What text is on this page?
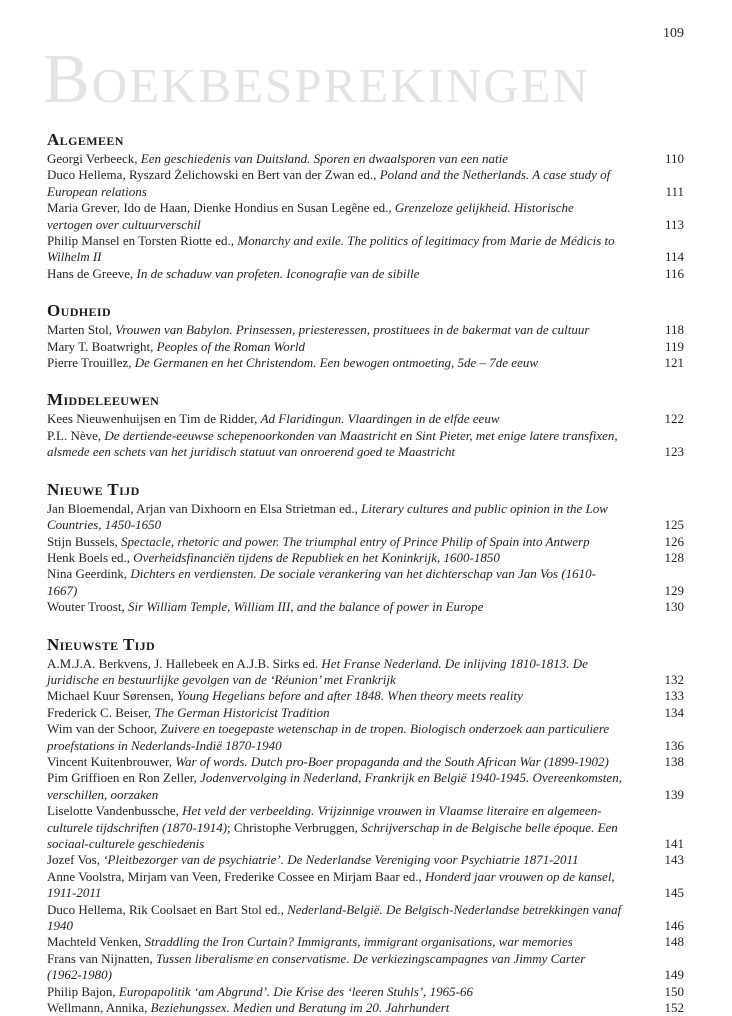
109
Boekbesprekingen
Algemeen
Georgi Verbeeck, Een geschiedenis van Duitsland. Sporen en dwaalsporen van een natie	110
Duco Hellema, Ryszard Żelichowski en Bert van der Zwan ed., Poland and the Netherlands. A case study of European relations	111
Maria Grever, Ido de Haan, Dienke Hondius en Susan Legêne ed., Grenzeloze gelijkheid. Historische vertogen over cultuurverschil	113
Philip Mansel en Torsten Riotte ed., Monarchy and exile. The politics of legitimacy from Marie de Médicis to Wilhelm II	114
Hans de Greeve, In de schaduw van profeten. Iconografie van de sibille	116
Oudheid
Marten Stol, Vrouwen van Babylon. Prinsessen, priesteressen, prostituees in de bakermat van de cultuur	118
Mary T. Boatwright, Peoples of the Roman World	119
Pierre Trouillez, De Germanen en het Christendom. Een bewogen ontmoeting, 5de – 7de eeuw	121
Middeleeuwen
Kees Nieuwenhuijsen en Tim de Ridder, Ad Flaridingun. Vlaardingen in de elfde eeuw	122
P.L. Nève, De dertiende-eeuwse schepenoorkonden van Maastricht en Sint Pieter, met enige latere transfixen, alsmede een schets van het juridisch statuut van onroerend goed te Maastricht	123
Nieuwe Tijd
Jan Bloemendal, Arjan van Dixhoorn en Elsa Strietman ed., Literary cultures and public opinion in the Low Countries, 1450-1650	125
Stijn Bussels, Spectacle, rhetoric and power. The triumphal entry of Prince Philip of Spain into Antwerp	126
Henk Boels ed., Overheidsfinanciën tijdens de Republiek en het Koninkrijk, 1600-1850	128
Nina Geerdink, Dichters en verdiensten. De sociale verankering van het dichterschap van Jan Vos (1610-1667)	129
Wouter Troost, Sir William Temple, William III, and the balance of power in Europe	130
Nieuwste Tijd
A.M.J.A. Berkvens, J. Hallebeek en A.J.B. Sirks ed. Het Franse Nederland. De inlijving 1810-1813. De juridische en bestuurlijke gevolgen van de ‘Réunion’ met Frankrijk	132
Michael Kuur Sørensen, Young Hegelians before and after 1848. When theory meets reality	133
Frederick C. Beiser, The German Historicist Tradition	134
Wim van der Schoor, Zuivere en toegepaste wetenschap in de tropen. Biologisch onderzoek aan particuliere proefstations in Nederlands-Indië 1870-1940	136
Vincent Kuitenbrouwer, War of words. Dutch pro-Boer propaganda and the South African War (1899-1902)	138
Pim Griffioen en Ron Zeller, Jodenvervolging in Nederland, Frankrijk en België 1940-1945. Overeenkomsten, verschillen, oorzaken	139
Liselotte Vandenbussche, Het veld der verbeelding. Vrijzinnige vrouwen in Vlaamse literaire en algemeen-culturele tijdschriften (1870-1914); Christophe Verbruggen, Schrijverschap in de Belgische belle époque. Een sociaal-culturele geschiedenis	141
Jozef Vos, ‘Pleitbezorger van de psychiatrie’. De Nederlandse Vereniging voor Psychiatrie 1871-2011	143
Anne Voolstra, Mirjam van Veen, Frederike Cossee en Mirjam Baar ed., Honderd jaar vrouwen op de kansel, 1911-2011	145
Duco Hellema, Rik Coolsaet en Bart Stol ed., Nederland-België. De Belgisch-Nederlandse betrekkingen vanaf 1940	146
Machteld Venken, Straddling the Iron Curtain? Immigrants, immigrant organisations, war memories	148
Frans van Nijnatten, Tussen liberalisme en conservatisme. De verkiezingscampagnes van Jimmy Carter (1962-1980)	149
Philip Bajon, Europapolitik ‘am Abgrund’. Die Krise des ‘leeren Stuhls’, 1965-66	150
Wellmann, Annika, Beziehungssex. Medien und Beratung im 20. Jahrhundert	152
